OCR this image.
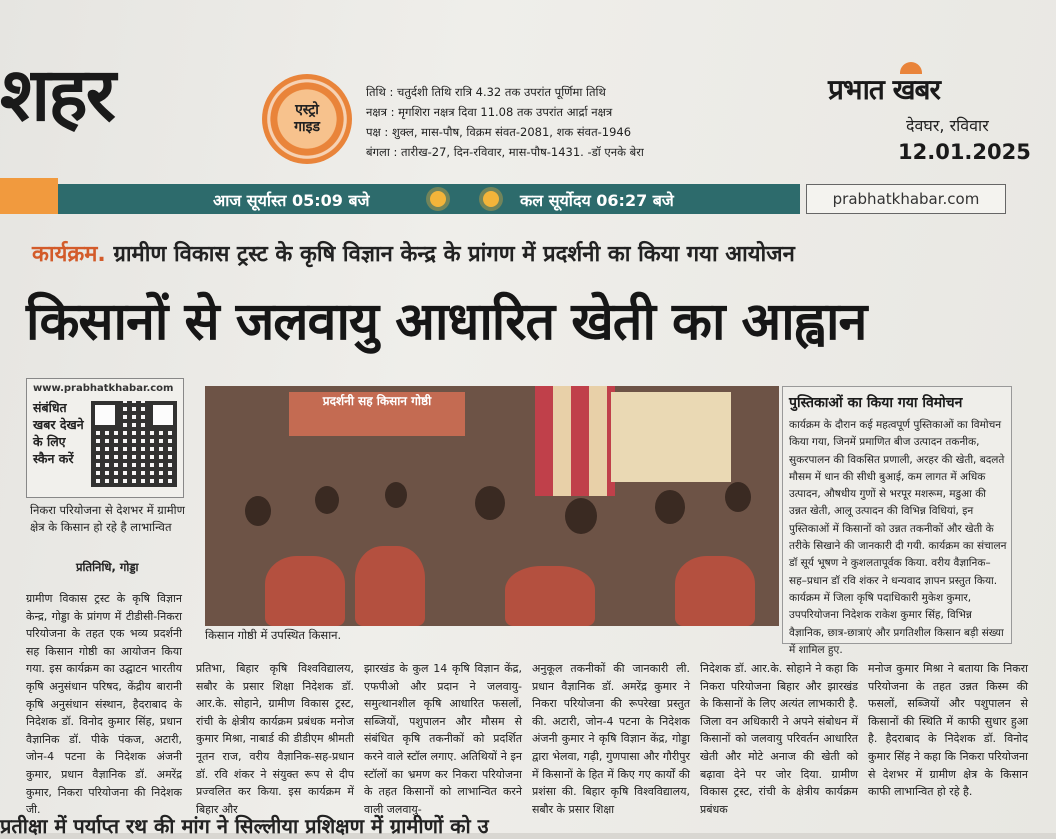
शहर	एस्ट्रो
गाइड
तिथि : चतुर्दशी तिथि रात्रि 4.32 तक उपरांत पूर्णिमा तिथि
नक्षत्र : मृगशिरा नक्षत्र दिवा 11.08 तक उपरांत आर्द्रा नक्षत्र
पक्ष : शुक्ल, मास-पौष, विक्रम संवत-2081, शक संवत-1946
बंगला : तारीख-27, दिन-रविवार, मास-पौष-1431. -डॉ एनके बेरा
प्रभात खबर
देवघर, रविवार
12.01.2025
आज सूर्यास्त 05:09 बजे	कल सूर्योदय 06:27 बजे	prabhatkhabar.com
कार्यक्रम. ग्रामीण विकास ट्रस्ट के कृषि विज्ञान केन्द्र के प्रांगण में प्रदर्शनी का किया गया आयोजन
किसानों से जलवायु आधारित खेती का आह्वान
www.prabhatkhabar.com
संबंधित खबर देखने के लिए स्कैन करें
निकरा परियोजना से देशभर में ग्रामीण क्षेत्र के किसान हो रहे है लाभान्वित
प्रतिनिधि, गोड्डा
प्रदर्शनी सह किसान गोष्ठी
किसान गोष्ठी में उपस्थित किसान.
पुस्तिकाओं का किया गया विमोचन
कार्यक्रम के दौरान कई महत्वपूर्ण पुस्तिकाओं का विमोचन किया गया, जिनमें प्रमाणित बीज उत्पादन तकनीक, सुकरपालन की विकसित प्रणाली, अरहर की खेती, बदलते मौसम में धान की सीधी बुआई, कम लागत में अधिक उत्पादन, औषधीय गुणों से भरपूर मशरूम, मडुआ की उन्नत खेती, आलू उत्पादन की विभिन्न विधियां, इन पुस्तिकाओं में किसानों को उन्नत तकनीकों और खेती के तरीके सिखाने की जानकारी दी गयी. कार्यक्रम का संचालन डॉ सूर्य भूषण ने कुशलतापूर्वक किया. वरीय वैज्ञानिक–सह–प्रधान डॉ रवि शंकर ने धन्यवाद ज्ञापन प्रस्तुत किया. कार्यक्रम में जिला कृषि पदाधिकारी मुकेश कुमार, उपपरियोजना निदेशक राकेश कुमार सिंह, विभिन्न वैज्ञानिक, छात्र-छात्राएं और प्रगतिशील किसान बड़ी संख्या में शामिल हुए.
ग्रामीण विकास ट्रस्ट के कृषि विज्ञान केन्द्र, गोड्डा के प्रांगण में टीडीसी-निकरा परियोजना के तहत एक भव्य प्रदर्शनी सह किसान गोष्ठी का आयोजन किया गया. इस कार्यक्रम का उद्घाटन भारतीय कृषि अनुसंधान परिषद, केंद्रीय बारानी कृषि अनुसंधान संस्थान, हैदराबाद के निदेशक डॉ. विनोद कुमार सिंह, प्रधान वैज्ञानिक डॉ. पीके पंकज, अटारी, जोन-4 पटना के निदेशक अंजनी कुमार, प्रधान वैज्ञानिक डॉ. अमरेंद्र कुमार, निकरा परियोजना की निदेशक जी.
प्रतिभा, बिहार कृषि विश्वविद्यालय, सबौर के प्रसार शिक्षा निदेशक डॉ. आर.के. सोहाने, ग्रामीण विकास ट्रस्ट, रांची के क्षेत्रीय कार्यक्रम प्रबंधक मनोज कुमार मिश्रा, नाबार्ड की डीडीएम श्रीमती नूतन राज, वरीय वैज्ञानिक-सह-प्रधान डॉ. रवि शंकर ने संयुक्त रूप से दीप प्रज्वलित कर किया. इस कार्यक्रम में बिहार और
झारखंड के कुल 14 कृषि विज्ञान केंद्र, एफपीओ और प्रदान ने जलवायु-समुत्थानशील कृषि आधारित फसलों, सब्जियों, पशुपालन और मौसम से संबंधित कृषि तकनीकों को प्रदर्शित करने वाले स्टॉल लगाए. अतिथियों ने इन स्टॉलों का भ्रमण कर निकरा परियोजना के तहत किसानों को लाभान्वित करने वाली जलवायु-
अनुकूल तकनीकों की जानकारी ली. प्रधान वैज्ञानिक डॉ. अमरेंद्र कुमार ने निकरा परियोजना की रूपरेखा प्रस्तुत की. अटारी, जोन-4 पटना के निदेशक अंजनी कुमार ने कृषि विज्ञान केंद्र, गोड्डा द्वारा भेलवा, गढ़ी, गुणपासा और गौरीपुर में किसानों के हित में किए गए कार्यों की प्रशंसा की. बिहार कृषि विश्वविद्यालय, सबौर के प्रसार शिक्षा
निदेशक डॉ. आर.के. सोहाने ने कहा कि निकरा परियोजना बिहार और झारखंड के किसानों के लिए अत्यंत लाभकारी है. जिला वन अधिकारी ने अपने संबोधन में किसानों को जलवायु परिवर्तन आधारित खेती और मोटे अनाज की खेती को बढ़ावा देने पर जोर दिया. ग्रामीण विकास ट्रस्ट, रांची के क्षेत्रीय कार्यक्रम प्रबंधक
मनोज कुमार मिश्रा ने बताया कि निकरा परियोजना के तहत उन्नत किस्म की फसलों, सब्जियों और पशुपालन से किसानों की स्थिति में काफी सुधार हुआ है. हैदराबाद के निदेशक डॉ. विनोद कुमार सिंह ने कहा कि निकरा परियोजना से देशभर में ग्रामीण क्षेत्र के किसान काफी लाभान्वित हो रहे है.
प्रतीक्षा में पर्याप्त रथ की मांग ने सिल्लीया प्रशिक्षण में ग्रामीणों को उ
